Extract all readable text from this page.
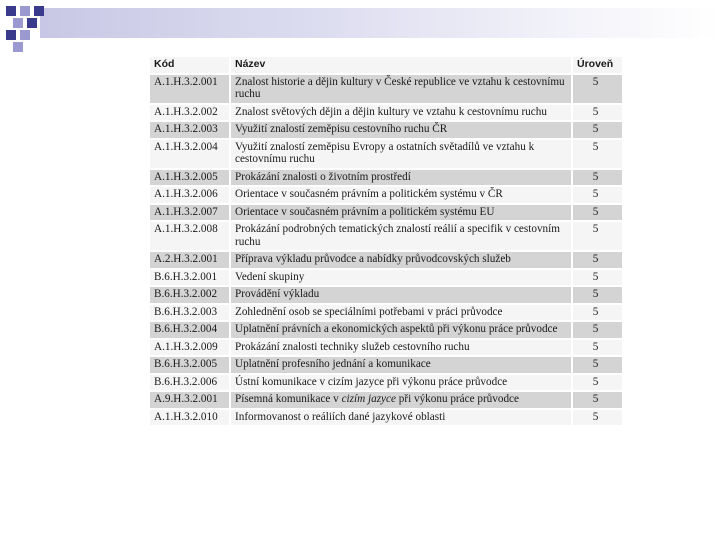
Kód	Název	Úroveň
A.1.H.3.2.001	Znalost historie a dějin kultury v České republice ve vztahu k cestovnímu ruchu	5
A.1.H.3.2.002	Znalost světových dějin a dějin kultury ve vztahu k cestovnímu ruchu	5
A.1.H.3.2.003	Využití znalostí zeměpisu cestovního ruchu ČR	5
A.1.H.3.2.004	Využití znalostí zeměpisu Evropy a ostatních světadílů ve vztahu k cestovnímu ruchu	5
A.1.H.3.2.005	Prokázání znalosti o životním prostředí	5
A.1.H.3.2.006	Orientace v současném právním a politickém systému v ČR	5
A.1.H.3.2.007	Orientace v současném právním a politickém systému EU	5
A.1.H.3.2.008	Prokázání podrobných tematických znalostí reálií a specifik v cestovním ruchu	5
A.2.H.3.2.001	Příprava výkladu průvodce a nabídky průvodcovských služeb	5
B.6.H.3.2.001	Vedení skupiny	5
B.6.H.3.2.002	Provádění výkladu	5
B.6.H.3.2.003	Zohlednění osob se speciálními potřebami v práci průvodce	5
B.6.H.3.2.004	Uplatnění právních a ekonomických aspektů při výkonu práce průvodce	5
A.1.H.3.2.009	Prokázání znalosti techniky služeb cestovního ruchu	5
B.6.H.3.2.005	Uplatnění profesního jednání a komunikace	5
B.6.H.3.2.006	Ústní komunikace v cizím jazyce při výkonu práce průvodce	5
A.9.H.3.2.001	Písemná komunikace v cizím jazyce při výkonu práce průvodce	5
A.1.H.3.2.010	Informovanost o reáliích dané jazykové oblasti	5
